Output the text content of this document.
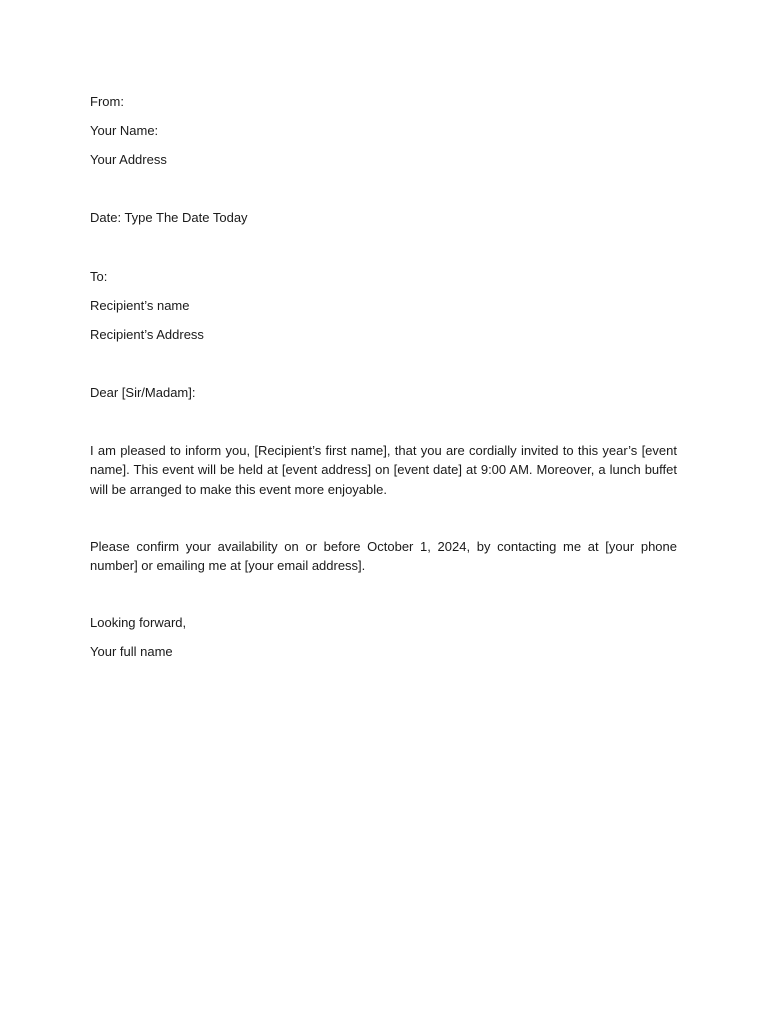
From:

Your Name:

Your Address

Date: Type The Date Today

To:

Recipient’s name

Recipient’s Address

Dear [Sir/Madam]:

I am pleased to inform you, [Recipient’s first name], that you are cordially invited to this year’s [event name]. This event will be held at [event address] on [event date] at 9:00 AM. Moreover, a lunch buffet will be arranged to make this event more enjoyable.

Please confirm your availability on or before October 1, 2024, by contacting me at [your phone number] or emailing me at [your email address].

Looking forward,

Your full name
